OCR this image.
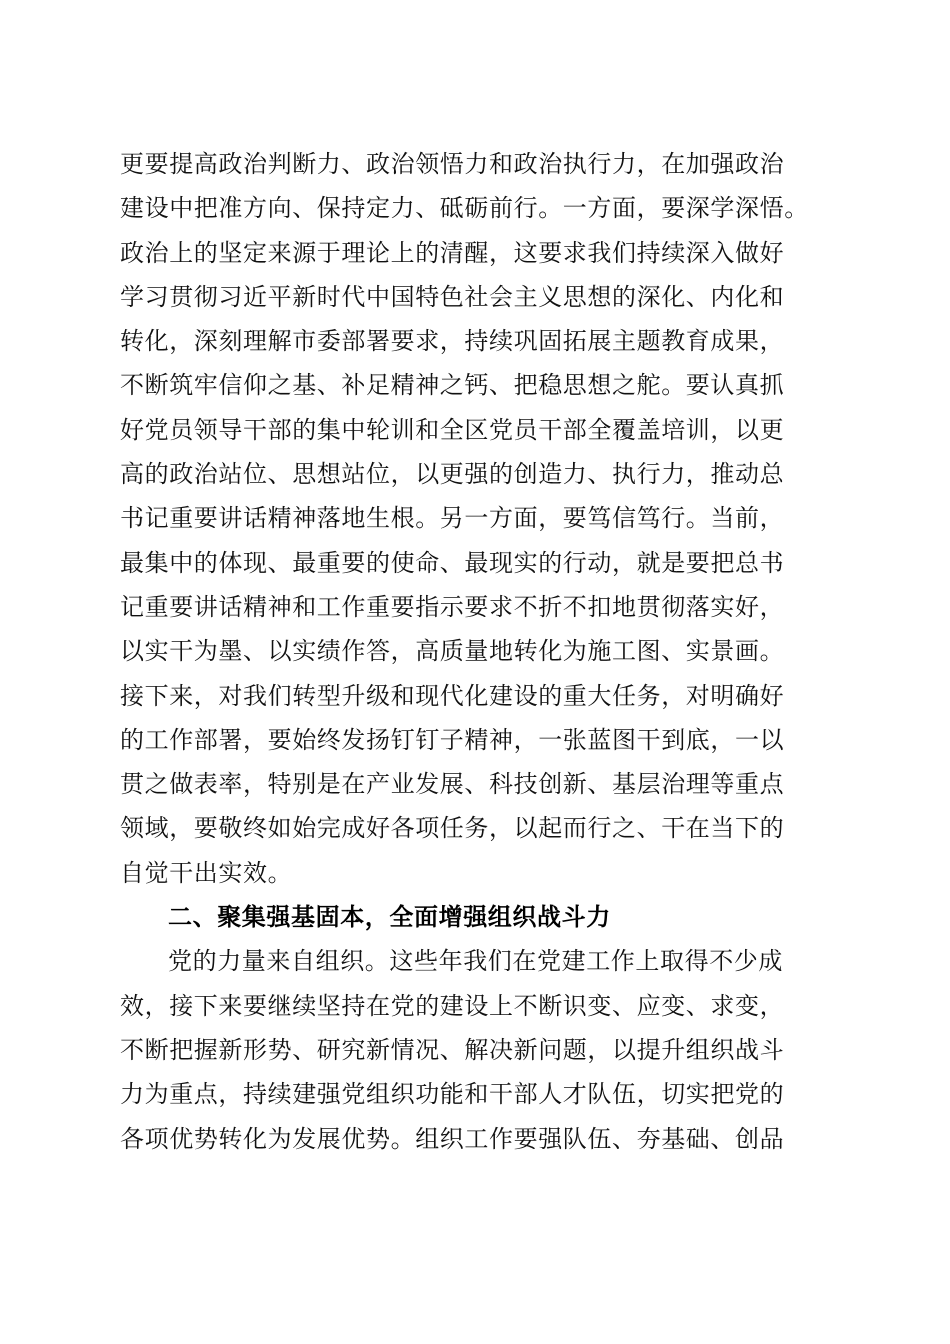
更要提高政治判断力、政治领悟力和政治执行力，在加强政治
建设中把准方向、保持定力、砥砺前行。一方面，要深学深悟。
政治上的坚定来源于理论上的清醒，这要求我们持续深入做好
学习贯彻习近平新时代中国特色社会主义思想的深化、内化和
转化，深刻理解市委部署要求，持续巩固拓展主题教育成果，
不断筑牢信仰之基、补足精神之钙、把稳思想之舵。要认真抓
好党员领导干部的集中轮训和全区党员干部全覆盖培训，以更
高的政治站位、思想站位，以更强的创造力、执行力，推动总
书记重要讲话精神落地生根。另一方面，要笃信笃行。当前，
最集中的体现、最重要的使命、最现实的行动，就是要把总书
记重要讲话精神和工作重要指示要求不折不扣地贯彻落实好，
以实干为墨、以实绩作答，高质量地转化为施工图、实景画。
接下来，对我们转型升级和现代化建设的重大任务，对明确好
的工作部署，要始终发扬钉钉子精神，一张蓝图干到底，一以
贯之做表率，特别是在产业发展、科技创新、基层治理等重点
领域，要敬终如始完成好各项任务，以起而行之、干在当下的
自觉干出实效。
二、聚集强基固本，全面增强组织战斗力
党的力量来自组织。这些年我们在党建工作上取得不少成
效，接下来要继续坚持在党的建设上不断识变、应变、求变，
不断把握新形势、研究新情况、解决新问题，以提升组织战斗
力为重点，持续建强党组织功能和干部人才队伍，切实把党的
各项优势转化为发展优势。组织工作要强队伍、夯基础、创品
